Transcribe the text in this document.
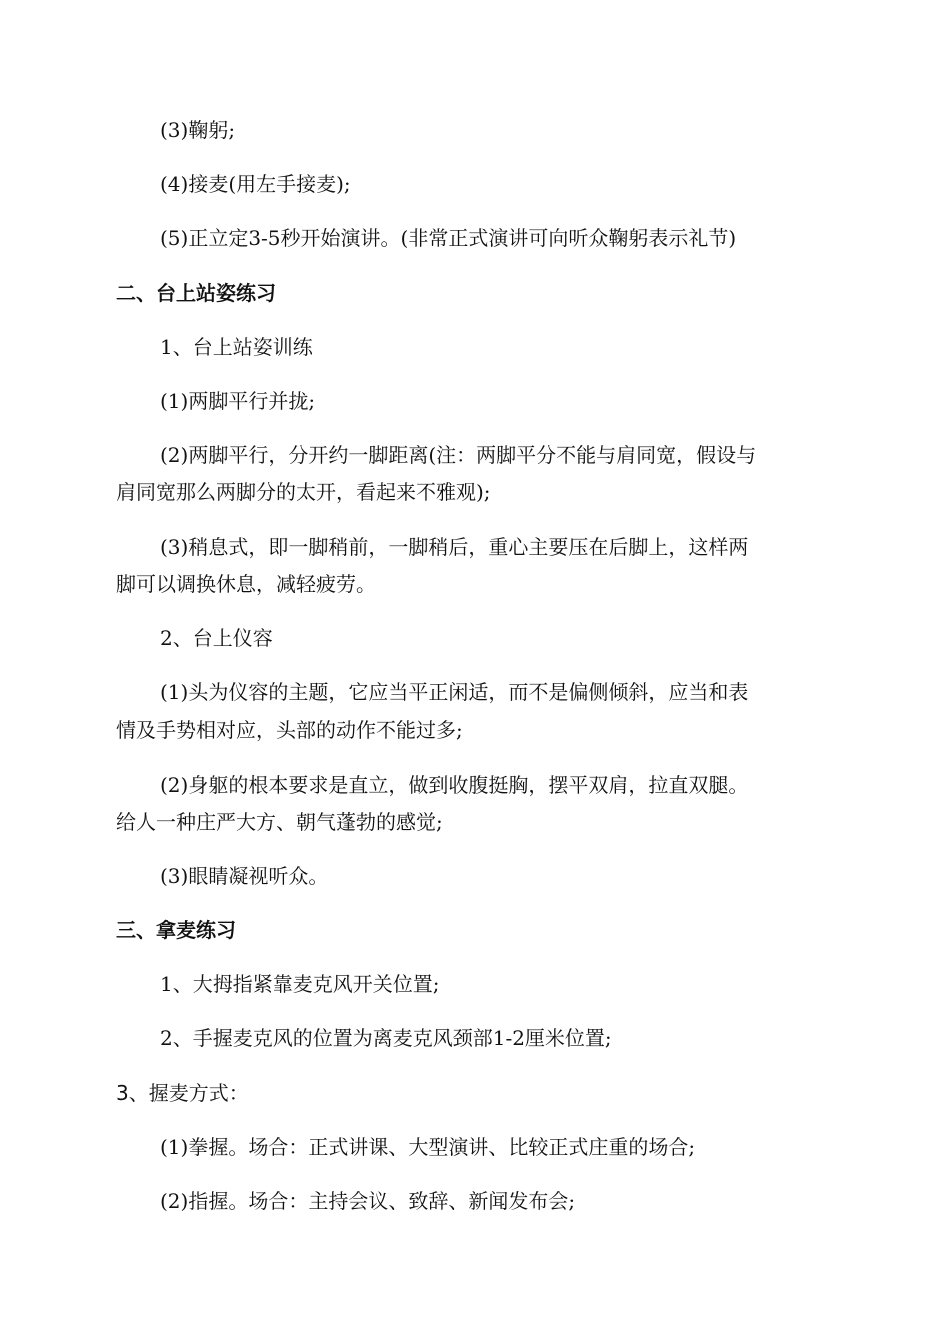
(3)鞠躬;
(4)接麦(用左手接麦);
(5)正立定3-5秒开始演讲。(非常正式演讲可向听众鞠躬表示礼节)
二、台上站姿练习
1、台上站姿训练
(1)两脚平行并拢;
(2)两脚平行，分开约一脚距离(注：两脚平分不能与肩同宽，假设与
肩同宽那么两脚分的太开，看起来不雅观);
(3)稍息式，即一脚稍前，一脚稍后，重心主要压在后脚上，这样两
脚可以调换休息，减轻疲劳。
2、台上仪容
(1)头为仪容的主题，它应当平正闲适，而不是偏侧倾斜，应当和表
情及手势相对应，头部的动作不能过多;
(2)身躯的根本要求是直立，做到收腹挺胸，摆平双肩，拉直双腿。
给人一种庄严大方、朝气蓬勃的感觉;
(3)眼睛凝视听众。
三、拿麦练习
1、大拇指紧靠麦克风开关位置;
2、手握麦克风的位置为离麦克风颈部1-2厘米位置;
3、握麦方式：
(1)拳握。场合：正式讲课、大型演讲、比较正式庄重的场合;
(2)指握。场合：主持会议、致辞、新闻发布会;
